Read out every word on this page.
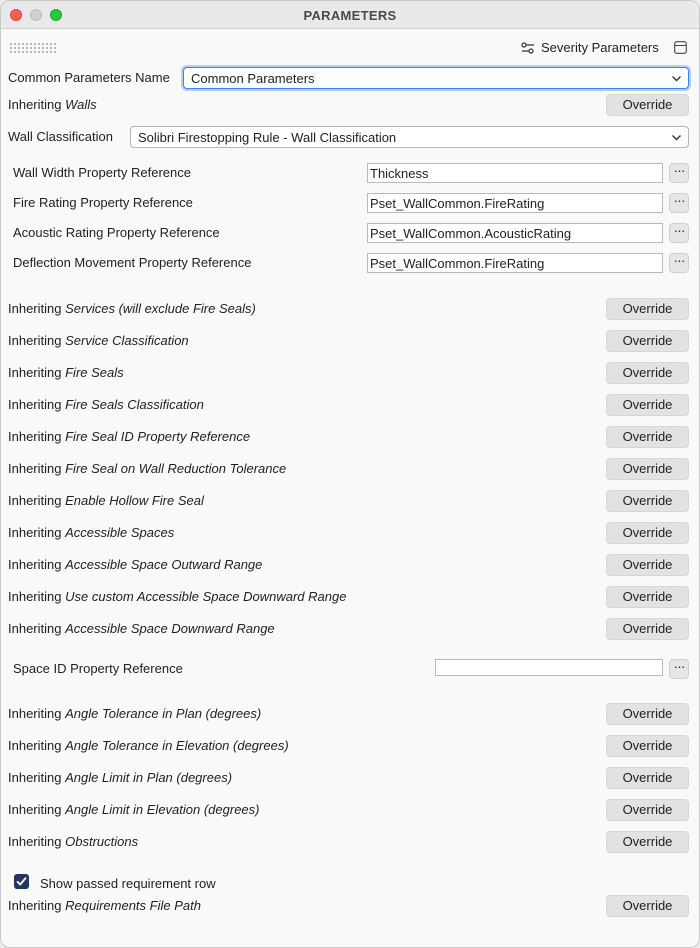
PARAMETERS
Severity Parameters
Common Parameters Name Common Parameters
Inheriting Walls	Override
Wall Classification Solibri Firestopping Rule - Wall Classification
Wall Width Property Reference	Thickness	···
Fire Rating Property Reference	Pset_WallCommon.FireRating	···
Acoustic Rating Property Reference	Pset_WallCommon.AcousticRating	···
Deflection Movement Property Reference	Pset_WallCommon.FireRating	···
Inheriting Services (will exclude Fire Seals)	Override
Inheriting Service Classification	Override
Inheriting Fire Seals	Override
Inheriting Fire Seals Classification	Override
Inheriting Fire Seal ID Property Reference	Override
Inheriting Fire Seal on Wall Reduction Tolerance	Override
Inheriting Enable Hollow Fire Seal	Override
Inheriting Accessible Spaces	Override
Inheriting Accessible Space Outward Range	Override
Inheriting Use custom Accessible Space Downward Range	Override
Inheriting Accessible Space Downward Range	Override
Space ID Property Reference	···
Inheriting Angle Tolerance in Plan (degrees)	Override
Inheriting Angle Tolerance in Elevation (degrees)	Override
Inheriting Angle Limit in Plan (degrees)	Override
Inheriting Angle Limit in Elevation (degrees)	Override
Inheriting Obstructions	Override
Show passed requirement row
Inheriting Requirements File Path	Override
